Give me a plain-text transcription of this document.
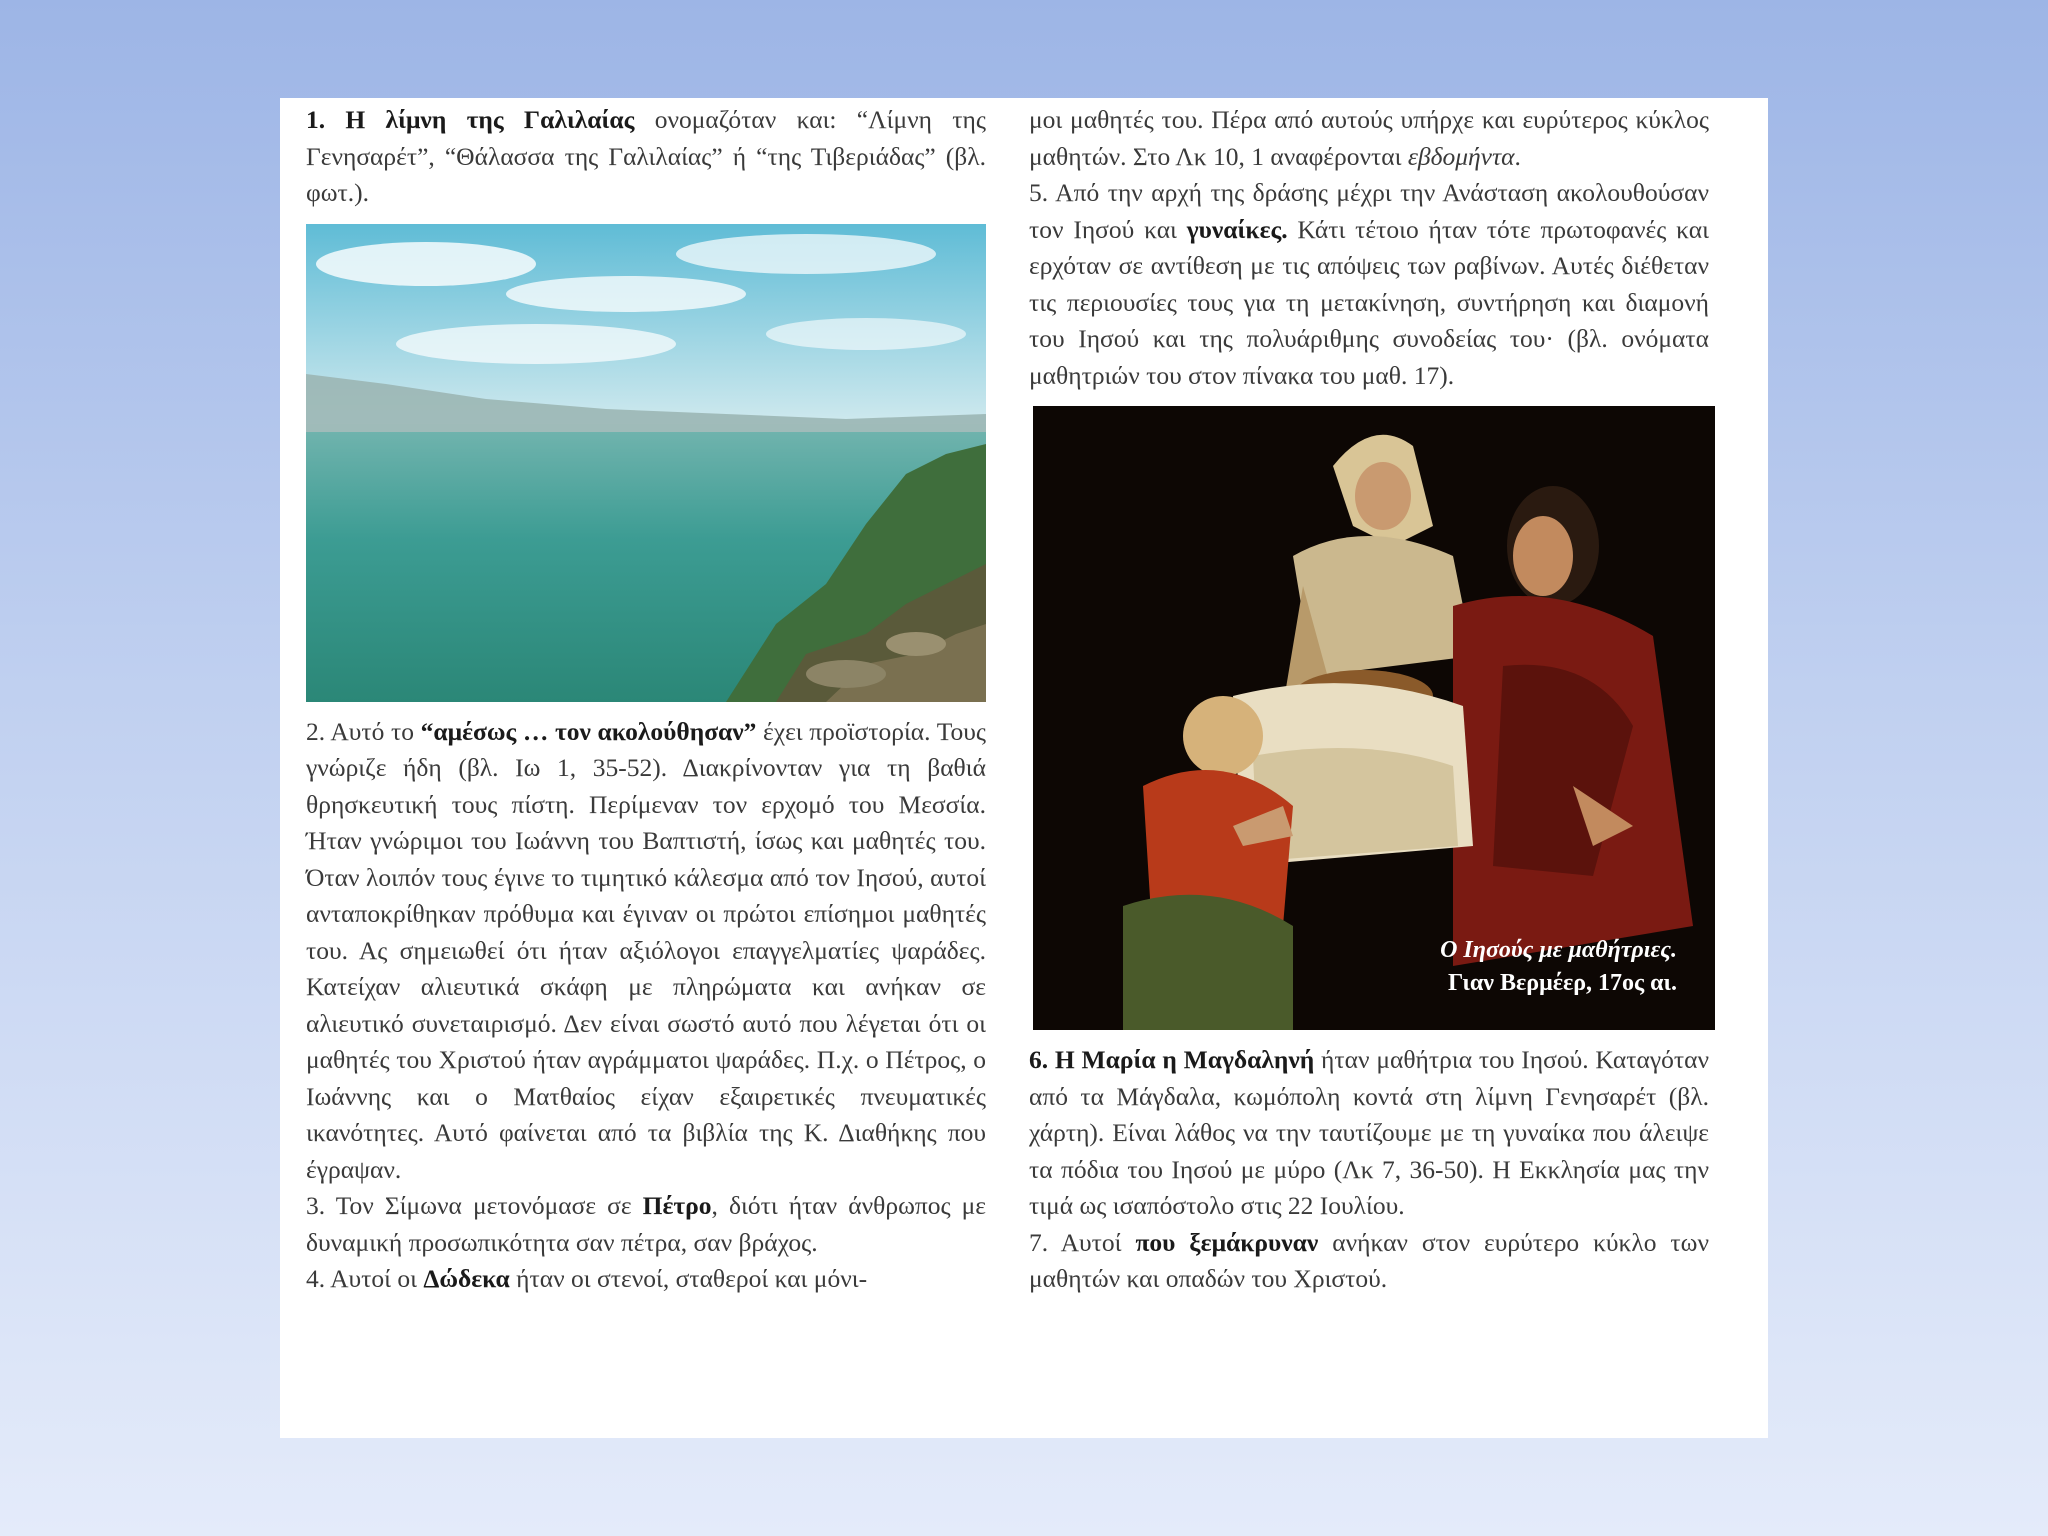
1. Η λίμνη της Γαλιλαίας ονομαζόταν και: “Λίμνη της Γενησαρέτ”, “Θάλασσα της Γαλιλαίας” ή “της Τιβεριάδας” (βλ. φωτ.).

2. Αυτό το “αμέσως … τον ακολούθησαν” έχει προϊστορία. Τους γνώριζε ήδη (βλ. Ιω 1, 35-52). Διακρίνονταν για τη βαθιά θρησκευτική τους πίστη. Περίμεναν τον ερχομό του Μεσσία. Ήταν γνώριμοι του Ιωάννη του Βαπτιστή, ίσως και μαθητές του. Όταν λοιπόν τους έγινε το τιμητικό κάλεσμα από τον Ιησού, αυτοί ανταποκρίθηκαν πρόθυμα και έγιναν οι πρώτοι επίσημοι μαθητές του. Ας σημειωθεί ότι ήταν αξιόλογοι επαγγελματίες ψαράδες. Κατείχαν αλιευτικά σκάφη με πληρώματα και ανήκαν σε αλιευτικό συνεταιρισμό. Δεν είναι σωστό αυτό που λέγεται ότι οι μαθητές του Χριστού ήταν αγράμματοι ψαράδες. Π.χ. ο Πέτρος, ο Ιωάννης και ο Ματθαίος είχαν εξαιρετικές πνευματικές ικανότητες. Αυτό φαίνεται από τα βιβλία της Κ. Διαθήκης που έγραψαν.

3. Τον Σίμωνα μετονόμασε σε Πέτρο, διότι ήταν άνθρωπος με δυναμική προσωπικότητα σαν πέτρα, σαν βράχος.

4. Αυτοί οι Δώδεκα ήταν οι στενοί, σταθεροί και μόνι-

μοι μαθητές του. Πέρα από αυτούς υπήρχε και ευρύτερος κύκλος μαθητών. Στο Λκ 10, 1 αναφέρονται εβδομήντα.

5. Από την αρχή της δράσης μέχρι την Ανάσταση ακολουθούσαν τον Ιησού και γυναίκες. Κάτι τέτοιο ήταν τότε πρωτοφανές και ερχόταν σε αντίθεση με τις απόψεις των ραβίνων. Αυτές διέθεταν τις περιουσίες τους για τη μετακίνηση, συντήρηση και διαμονή του Ιησού και της πολυάριθμης συνοδείας του· (βλ. ονόματα μαθητριών του στον πίνακα του μαθ. 17).

Ο Ιησούς με μαθήτριες.
Γιαν Βερμέερ, 17ος αι.

6. Η Μαρία η Μαγδαληνή ήταν μαθήτρια του Ιησού. Καταγόταν από τα Μάγδαλα, κωμόπολη κοντά στη λίμνη Γενησαρέτ (βλ. χάρτη). Είναι λάθος να την ταυτίζουμε με τη γυναίκα που άλειψε τα πόδια του Ιησού με μύρο (Λκ 7, 36-50). Η Εκκλησία μας την τιμά ως ισαπόστολο στις 22 Ιουλίου.

7. Αυτοί που ξεμάκρυναν ανήκαν στον ευρύτερο κύκλο των μαθητών και οπαδών του Χριστού.
